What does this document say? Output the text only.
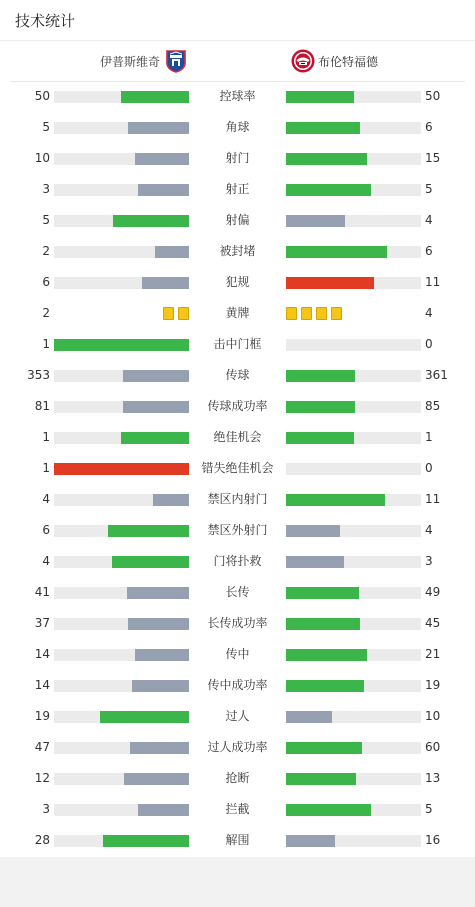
技术统计
伊普斯维奇	布伦特福德
50	控球率	50
5	角球	6
10	射门	15
3	射正	5
5	射偏	4
2	被封堵	6
6	犯规	11
2	黄牌	4
1	击中门框	0
353	传球	361
81	传球成功率	85
1	绝佳机会	1
1	错失绝佳机会	0
4	禁区内射门	11
6	禁区外射门	4
4	门将扑救	3
41	长传	49
37	长传成功率	45
14	传中	21
14	传中成功率	19
19	过人	10
47	过人成功率	60
12	抢断	13
3	拦截	5
28	解围	16
